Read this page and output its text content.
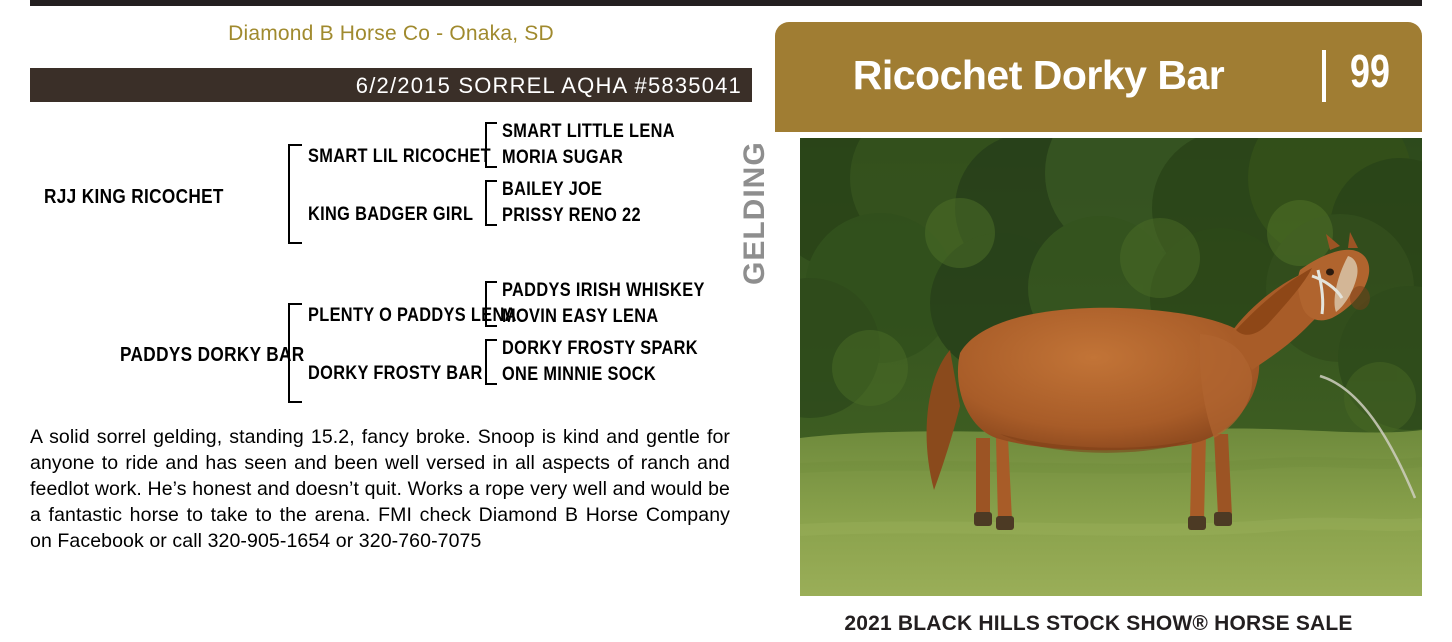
Diamond B Horse Co - Onaka, SD
6/2/2015 SORREL AQHA #5835041
RJJ KING RICOCHET
SMART LIL RICOCHET
KING BADGER GIRL
SMART LITTLE LENA
MORIA SUGAR
BAILEY JOE
PRISSY RENO 22
PADDYS DORKY BAR
PLENTY O PADDYS LENA
DORKY FROSTY BAR
PADDYS IRISH WHISKEY
MOVIN EASY LENA
DORKY FROSTY SPARK
ONE MINNIE SOCK
A solid sorrel gelding, standing 15.2, fancy broke. Snoop is kind and gentle for anyone to ride and has seen and been well versed in all aspects of ranch and feedlot work. He’s honest and doesn’t quit. Works a rope very well and would be a fantastic horse to take to the arena. FMI check Diamond B Horse Company on Facebook or call 320-905-1654 or 320-760-7075
GELDING
Ricochet Dorky Bar	99
2021 BLACK HILLS STOCK SHOW® HORSE SALE
